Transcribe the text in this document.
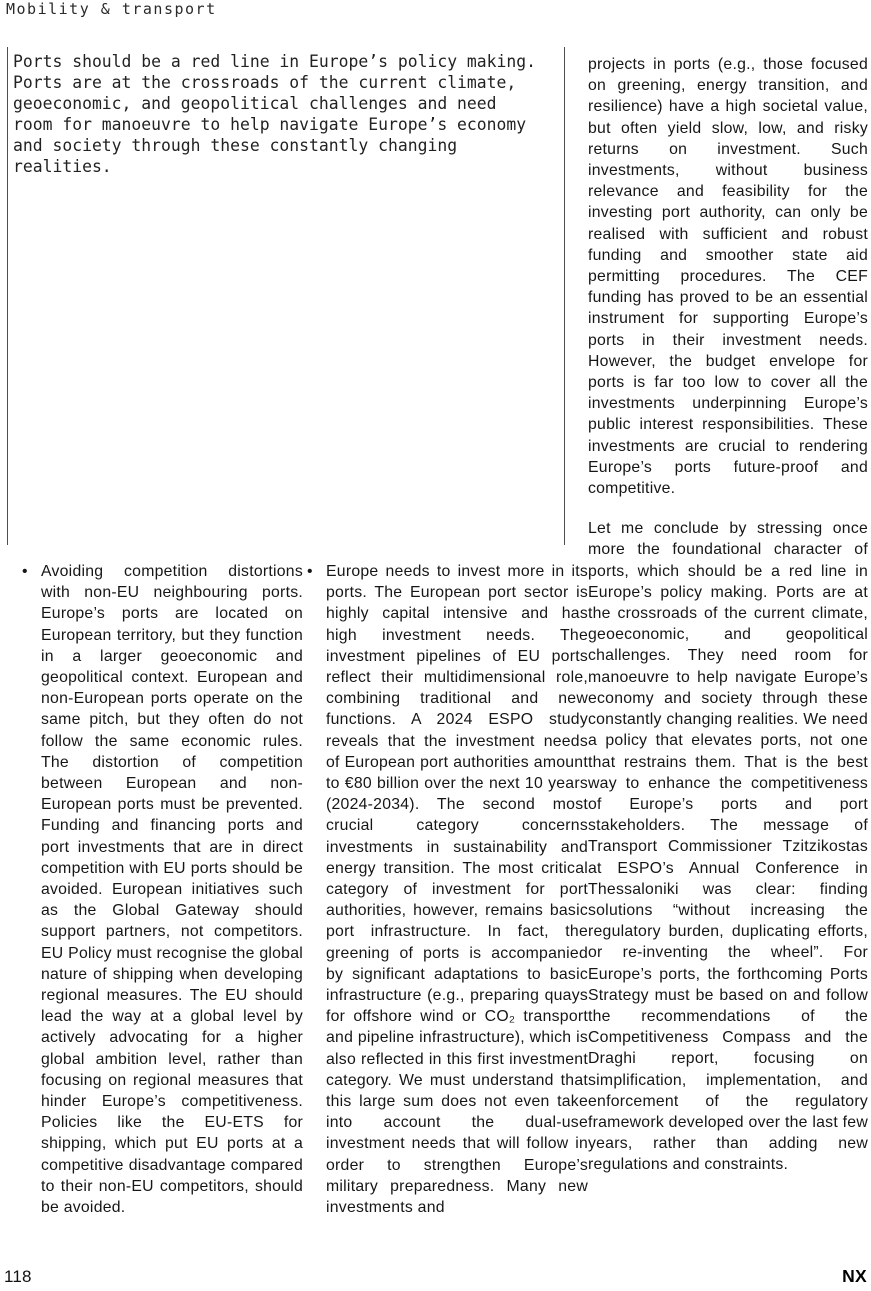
Mobility & transport
Ports should be a red line in Europe’s policy making. Ports are at the crossroads of the current climate, geoeconomic, and geopolitical challenges and need room for manoeuvre to help navigate Europe’s economy and society through these constantly changing realities.
• Avoiding competition distortions with non-EU neighbouring ports. Europe’s ports are located on European territory, but they function in a larger geoeconomic and geopolitical context. European and non-European ports operate on the same pitch, but they often do not follow the same economic rules. The distortion of competition between European and non-European ports must be prevented. Funding and financing ports and port investments that are in direct competition with EU ports should be avoided. European initiatives such as the Global Gateway should support partners, not competitors. EU Policy must recognise the global nature of shipping when developing regional measures. The EU should lead the way at a global level by actively advocating for a higher global ambition level, rather than focusing on regional measures that hinder Europe’s competitiveness. Policies like the EU-ETS for shipping, which put EU ports at a competitive disadvantage compared to their non-EU competitors, should be avoided.
• Europe needs to invest more in its ports. The European port sector is highly capital intensive and has high investment needs. The investment pipelines of EU ports reflect their multidimensional role, combining traditional and new functions. A 2024 ESPO study reveals that the investment needs of European port authorities amount to €80 billion over the next 10 years (2024-2034). The second most crucial category concerns investments in sustainability and energy transition. The most critical category of investment for port authorities, however, remains basic port infrastructure. In fact, the greening of ports is accompanied by significant adaptations to basic infrastructure (e.g., preparing quays for offshore wind or CO₂ transport and pipeline infrastructure), which is also reflected in this first investment category. We must understand that this large sum does not even take into account the dual-use investment needs that will follow in order to strengthen Europe’s military preparedness. Many new investments and

projects in ports (e.g., those focused on greening, energy transition, and resilience) have a high societal value, but often yield slow, low, and risky returns on investment. Such investments, without business relevance and feasibility for the investing port authority, can only be realised with sufficient and robust funding and smoother state aid permitting procedures. The CEF funding has proved to be an essential instrument for supporting Europe’s ports in their investment needs. However, the budget envelope for ports is far too low to cover all the investments underpinning Europe’s public interest responsibilities. These investments are crucial to rendering Europe’s ports future-proof and competitive.

Let me conclude by stressing once more the foundational character of ports, which should be a red line in Europe’s policy making. Ports are at the crossroads of the current climate, geoeconomic, and geopolitical challenges. They need room for manoeuvre to help navigate Europe’s economy and society through these constantly changing realities. We need a policy that elevates ports, not one that restrains them. That is the best way to enhance the competitiveness of Europe’s ports and port stakeholders. The message of Transport Commissioner Tzitzikostas at ESPO’s Annual Conference in Thessaloniki was clear: finding solutions “without increasing the regulatory burden, duplicating efforts, or re-inventing the wheel”. For Europe’s ports, the forthcoming Ports Strategy must be based on and follow the recommendations of the Competitiveness Compass and the Draghi report, focusing on simplification, implementation, and enforcement of the regulatory framework developed over the last few years, rather than adding new regulations and constraints.

118	NX
